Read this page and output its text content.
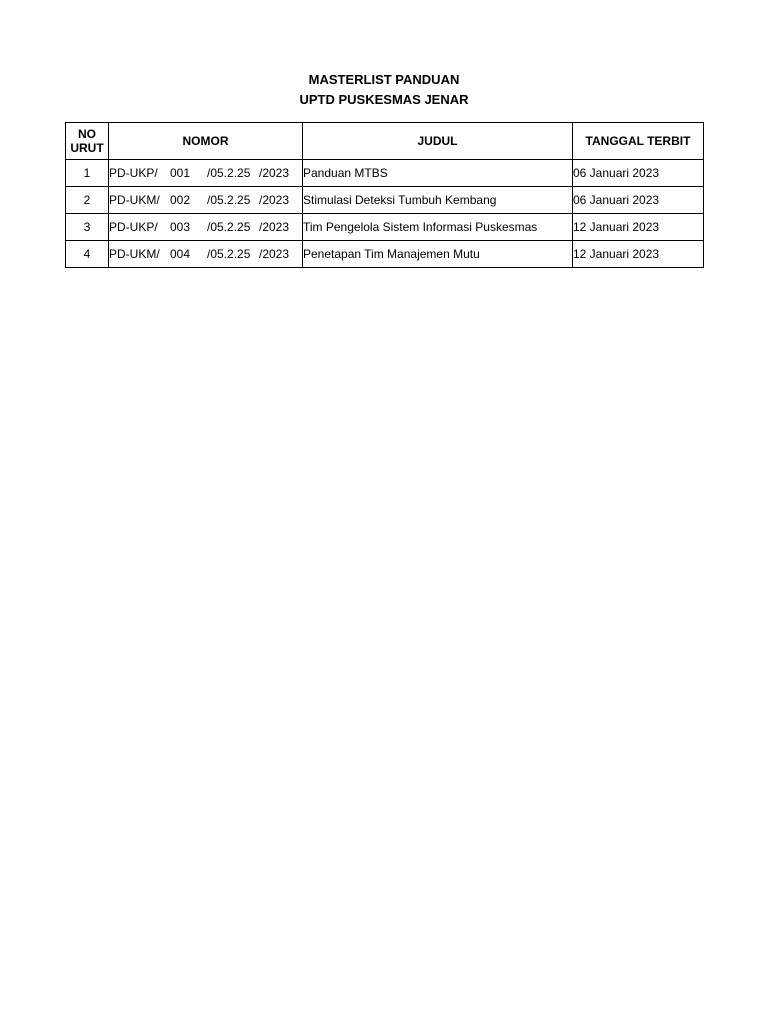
MASTERLIST PANDUAN
UPTD PUSKESMAS JENAR
NO
URUT	NOMOR	JUDUL	TANGGAL TERBIT
1	PD-UKP/ 001 /05.2.25 /2023	Panduan MTBS	06 Januari 2023
2	PD-UKM/ 002 /05.2.25 /2023	Stimulasi Deteksi Tumbuh Kembang	06 Januari 2023
3	PD-UKP/ 003 /05.2.25 /2023	Tim Pengelola Sistem Informasi Puskesmas	12 Januari 2023
4	PD-UKM/ 004 /05.2.25 /2023	Penetapan Tim Manajemen Mutu	12 Januari 2023
